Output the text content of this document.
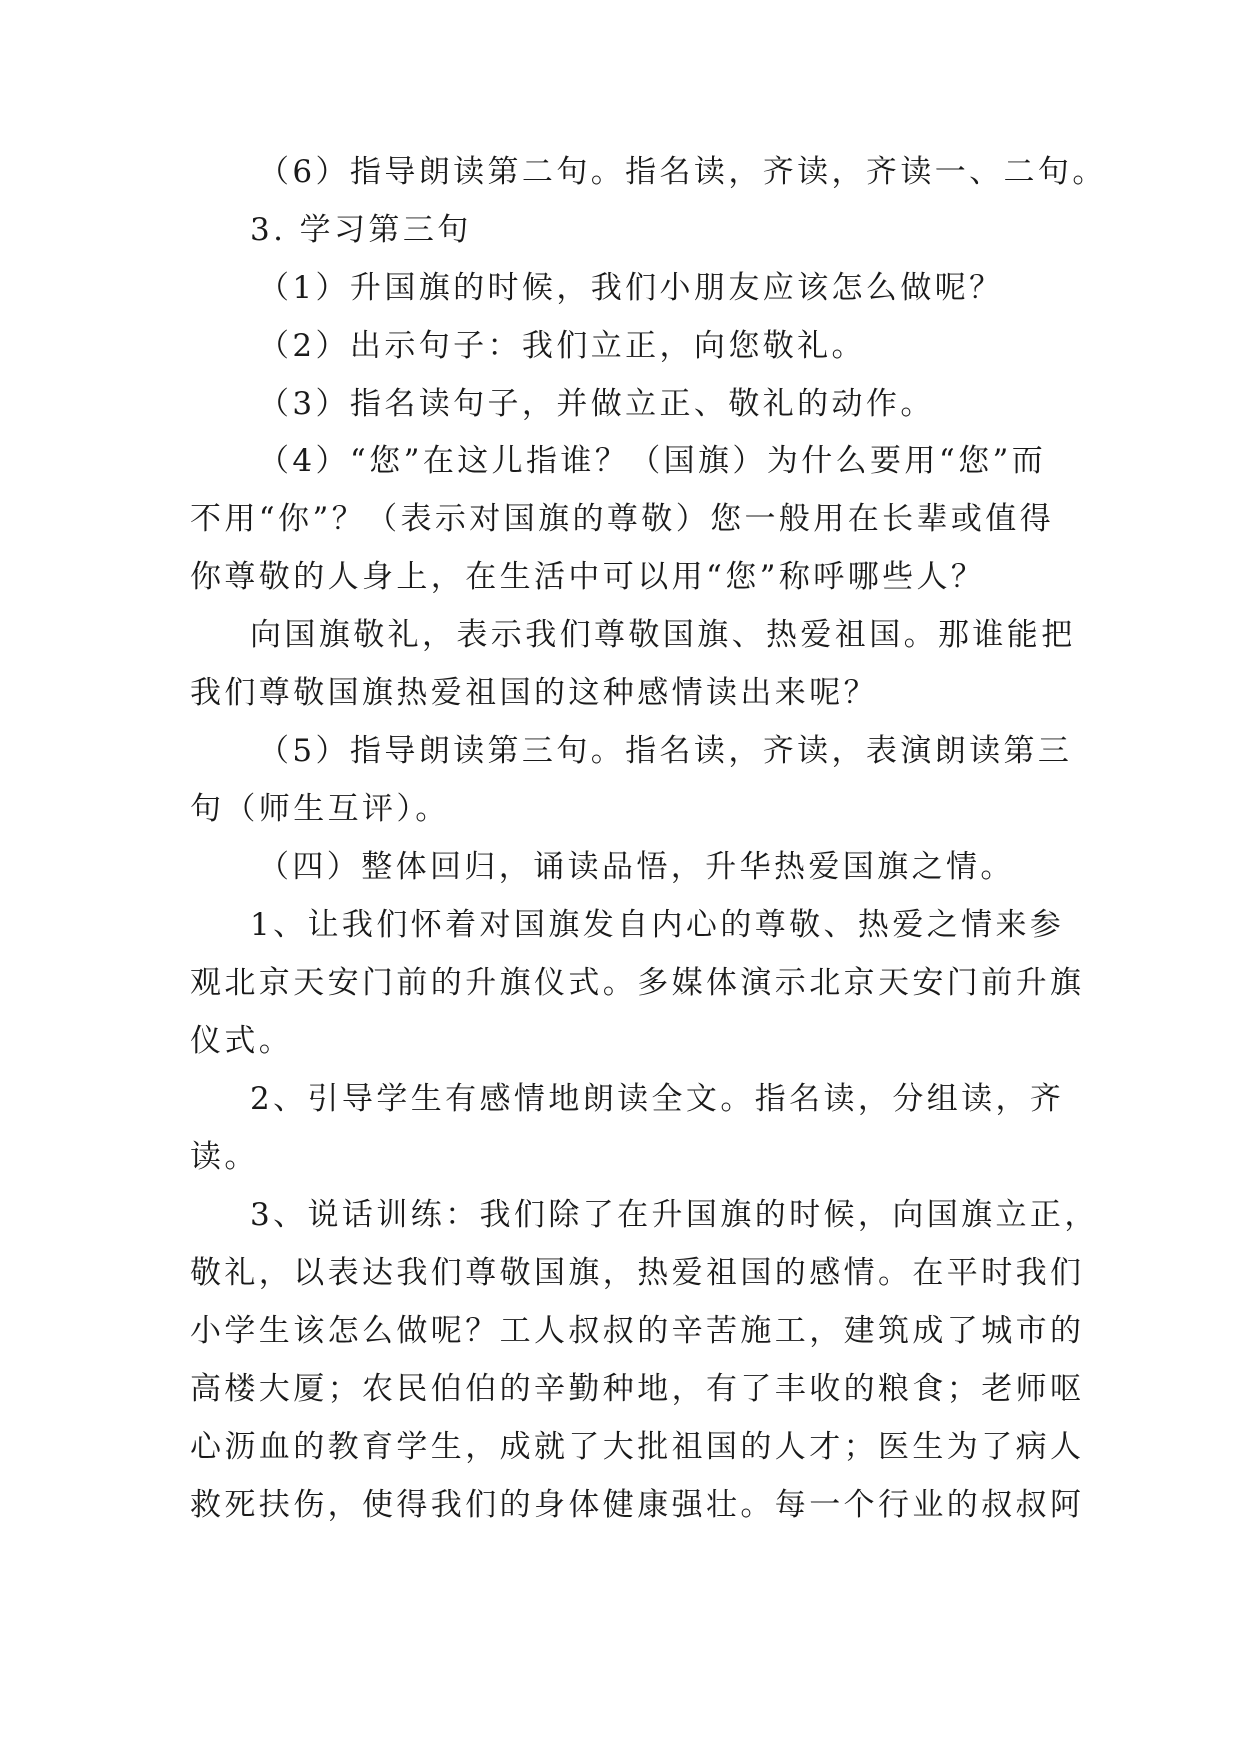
（6）指导朗读第二句。指名读，齐读，齐读一、二句。

3. 学习第三句

（1）升国旗的时候，我们小朋友应该怎么做呢？

（2）出示句子：我们立正，向您敬礼。

（3）指名读句子，并做立正、敬礼的动作。

（4）“您”在这儿指谁？（国旗）为什么要用“您”而

不用“你”？（表示对国旗的尊敬）您一般用在长辈或值得

你尊敬的人身上，在生活中可以用“您”称呼哪些人？

向国旗敬礼，表示我们尊敬国旗、热爱祖国。那谁能把

我们尊敬国旗热爱祖国的这种感情读出来呢？

（5）指导朗读第三句。指名读，齐读，表演朗读第三

句（师生互评）。

（四）整体回归，诵读品悟，升华热爱国旗之情。

1、让我们怀着对国旗发自内心的尊敬、热爱之情来参

观北京天安门前的升旗仪式。多媒体演示北京天安门前升旗

仪式。

2、引导学生有感情地朗读全文。指名读，分组读，齐

读。

3、说话训练：我们除了在升国旗的时候，向国旗立正，

敬礼，以表达我们尊敬国旗，热爱祖国的感情。在平时我们

小学生该怎么做呢？工人叔叔的辛苦施工，建筑成了城市的

高楼大厦；农民伯伯的辛勤种地，有了丰收的粮食；老师呕

心沥血的教育学生，成就了大批祖国的人才；医生为了病人

救死扶伤，使得我们的身体健康强壮。每一个行业的叔叔阿
